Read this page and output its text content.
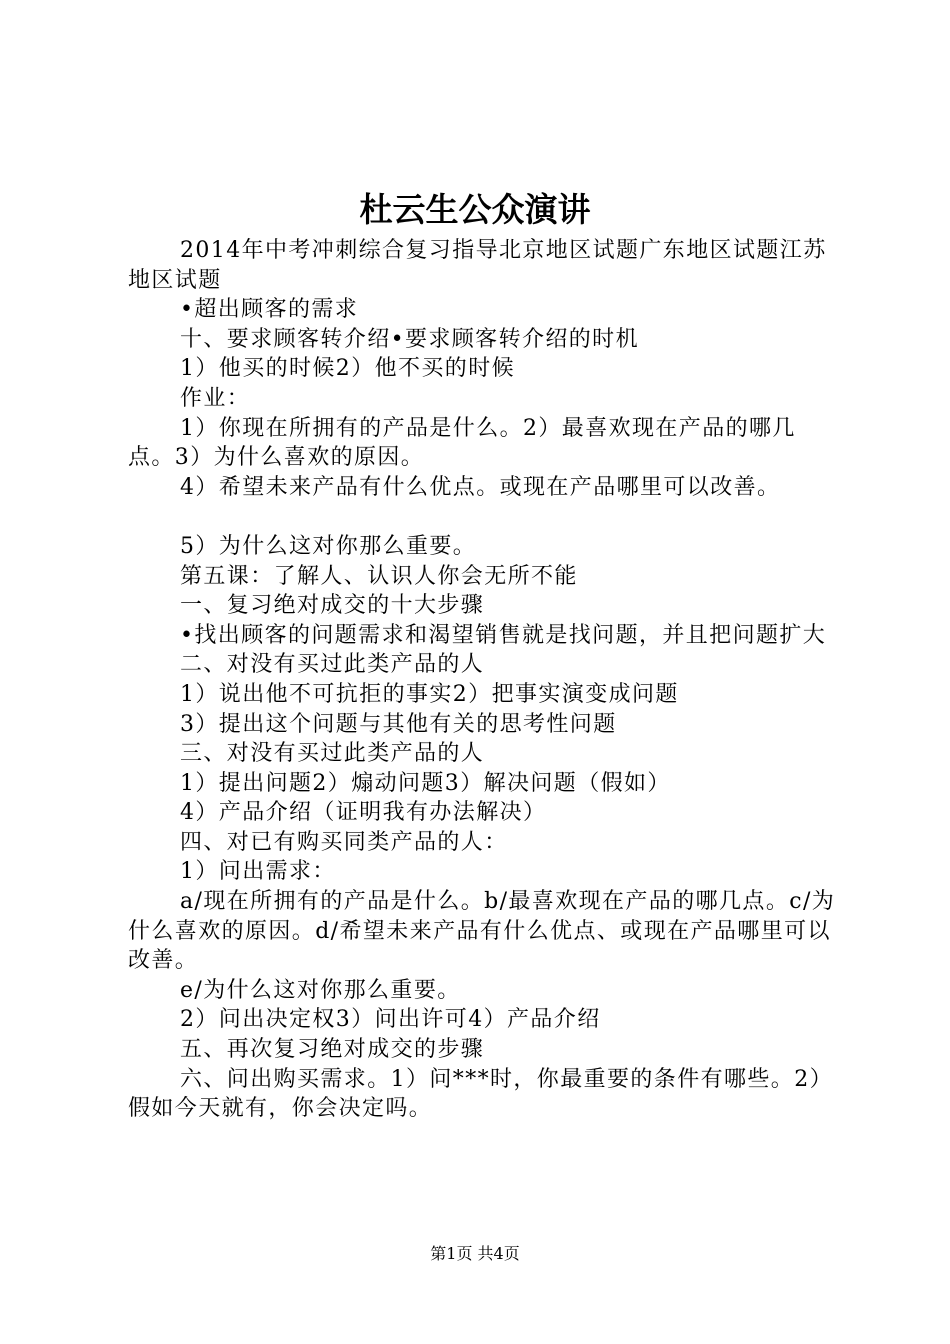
杜云生公众演讲

2014年中考冲刺综合复习指导北京地区试题广东地区试题江苏地区试题

•超出顾客的需求

十、要求顾客转介绍•要求顾客转介绍的时机

1）他买的时候2）他不买的时候

作业：

1）你现在所拥有的产品是什么。2）最喜欢现在产品的哪几点。3）为什么喜欢的原因。

4）希望未来产品有什么优点。或现在产品哪里可以改善。

5）为什么这对你那么重要。

第五课：了解人、认识人你会无所不能

一、复习绝对成交的十大步骤

•找出顾客的问题需求和渴望销售就是找问题，并且把问题扩大

二、对没有买过此类产品的人

1）说出他不可抗拒的事实2）把事实演变成问题

3）提出这个问题与其他有关的思考性问题

三、对没有买过此类产品的人

1）提出问题2）煽动问题3）解决问题（假如）

4）产品介绍（证明我有办法解决）

四、对已有购买同类产品的人：

1）问出需求：

a/现在所拥有的产品是什么。b/最喜欢现在产品的哪几点。c/为什么喜欢的原因。d/希望未来产品有什么优点、或现在产品哪里可以改善。

e/为什么这对你那么重要。

2）问出决定权3）问出许可4）产品介绍

五、再次复习绝对成交的步骤

六、问出购买需求。1）问***时，你最重要的条件有哪些。2）假如今天就有，你会决定吗。

第1页 共4页
